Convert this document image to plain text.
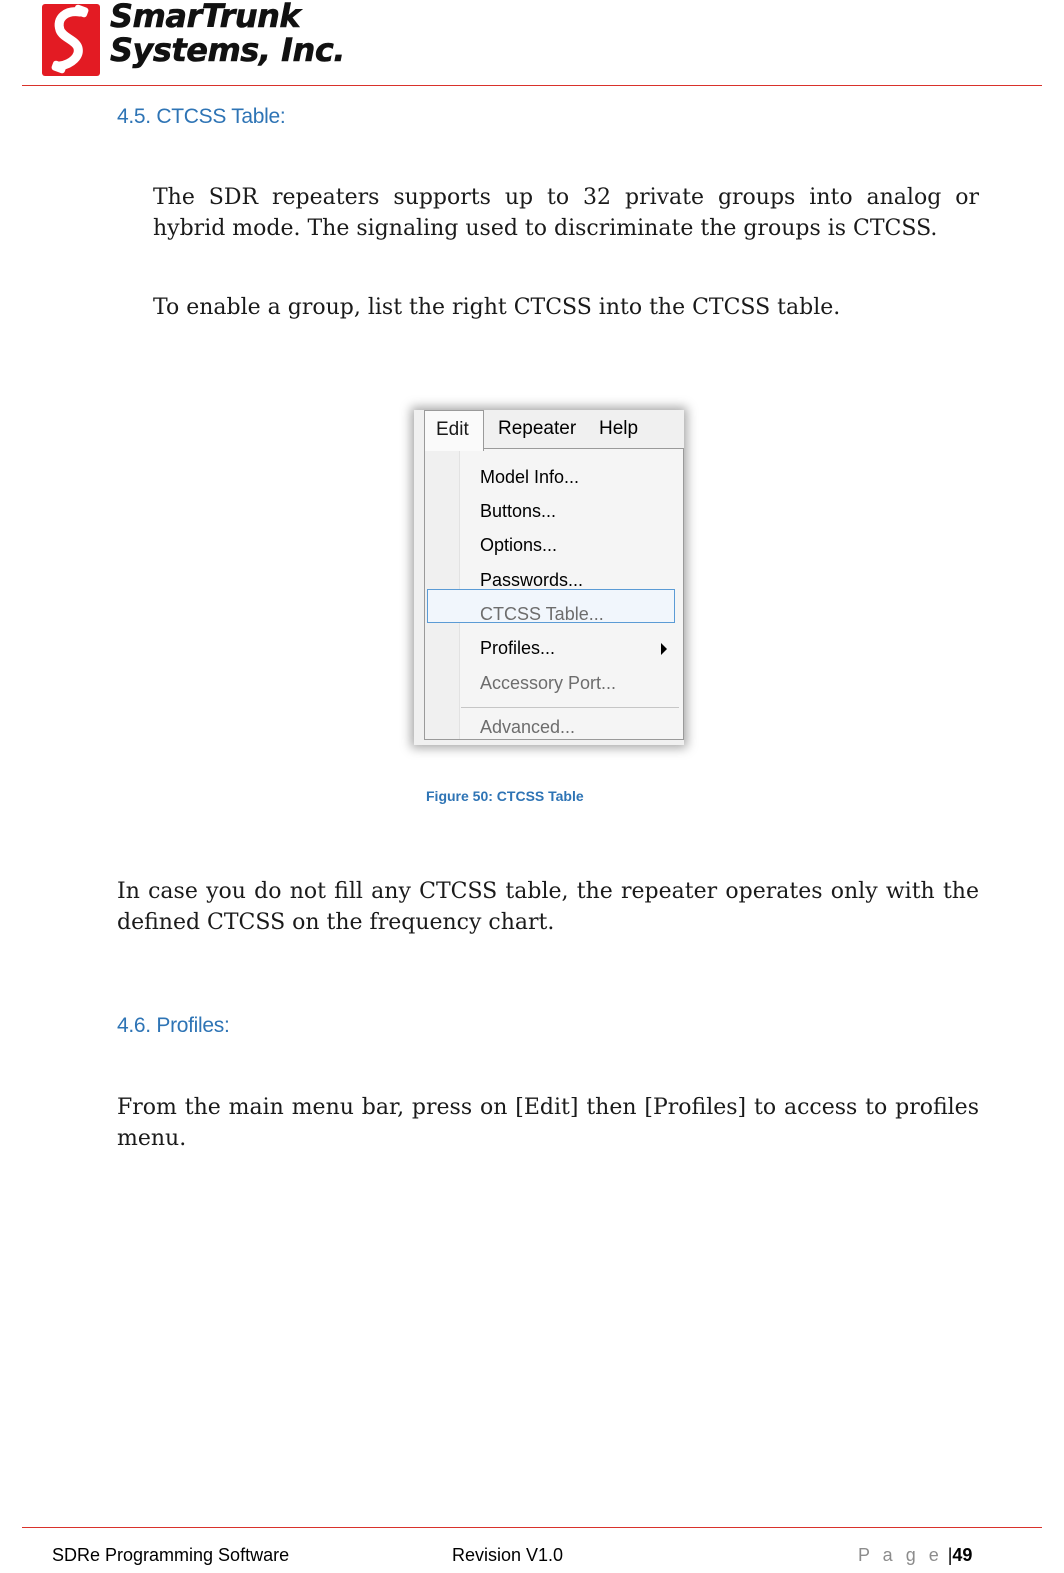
SmarTrunk
Systems, Inc.
4.5. CTCSS Table:
The SDR repeaters supports up to 32 private groups into analog or hybrid mode. The signaling used to discriminate the groups is CTCSS.
To enable a group, list the right CTCSS into the CTCSS table.
Edit Repeater Help
Model Info...
Buttons...
Options...
Passwords...
CTCSS Table...
Profiles...
Accessory Port...
Advanced...
Figure 50: CTCSS Table
In case you do not fill any CTCSS table, the repeater operates only with the defined CTCSS on the frequency chart.
4.6. Profiles:
From the main menu bar, press on [Edit] then [Profiles] to access to profiles menu.
SDRe Programming Software	Revision V1.0	P a g e |49
